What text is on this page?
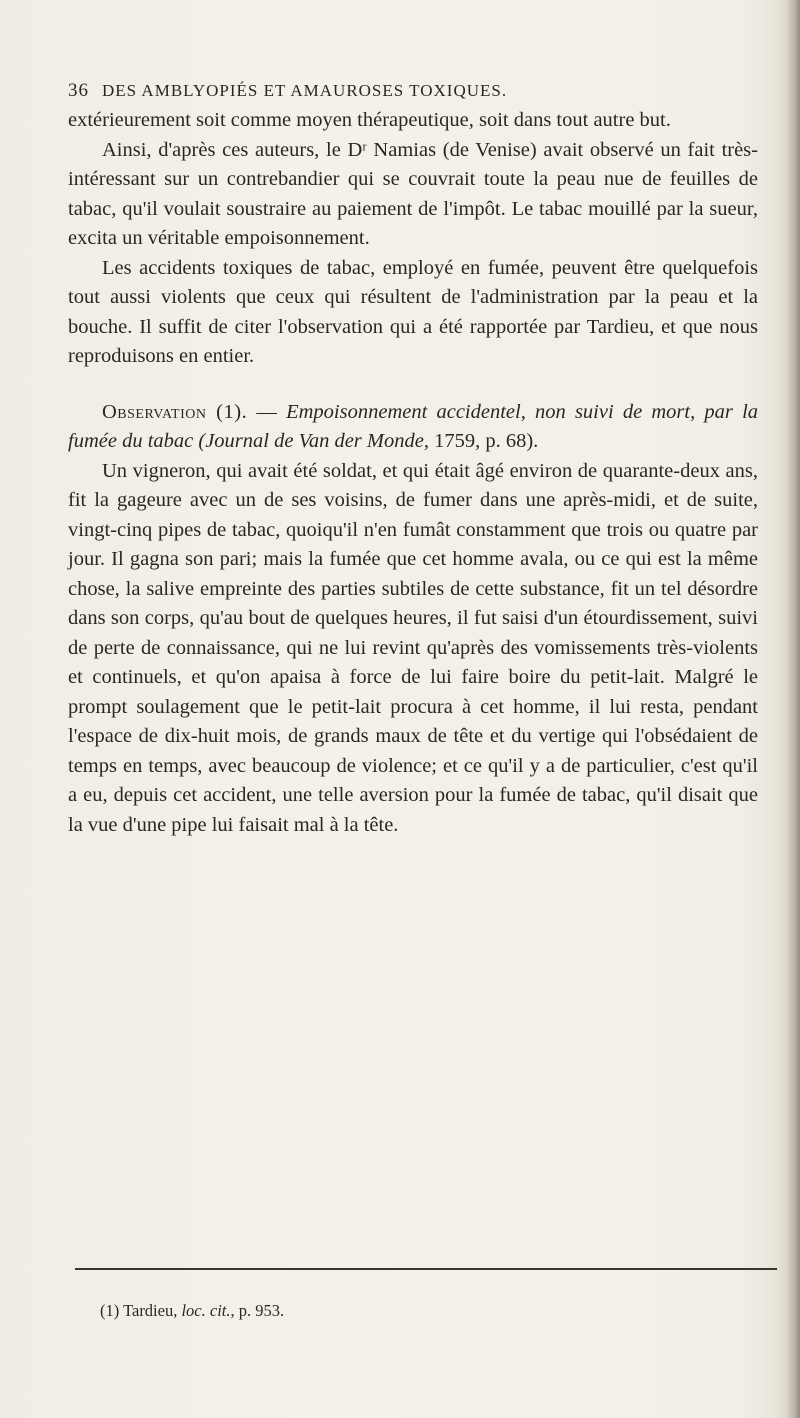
36 DES AMBLYOPIÉS ET AMAUROSES TOXIQUES.

extérieurement soit comme moyen thérapeutique, soit dans tout autre but.

Ainsi, d'après ces auteurs, le Dʳ Namias (de Venise) avait observé un fait très-intéressant sur un contrebandier qui se couvrait toute la peau nue de feuilles de tabac, qu'il voulait soustraire au paiement de l'impôt. Le tabac mouillé par la sueur, excita un véritable empoisonnement.

Les accidents toxiques de tabac, employé en fumée, peuvent être quelquefois tout aussi violents que ceux qui résultent de l'administration par la peau et la bouche. Il suffit de citer l'observation qui a été rapportée par Tardieu, et que nous reproduisons en entier.

Observation (1). — Empoisonnement accidentel, non suivi de mort, par la fumée du tabac (Journal de Van der Monde, 1759, p. 68).

Un vigneron, qui avait été soldat, et qui était âgé environ de quarante-deux ans, fit la gageure avec un de ses voisins, de fumer dans une après-midi, et de suite, vingt-cinq pipes de tabac, quoiqu'il n'en fumât constamment que trois ou quatre par jour. Il gagna son pari; mais la fumée que cet homme avala, ou ce qui est la même chose, la salive empreinte des parties subtiles de cette substance, fit un tel désordre dans son corps, qu'au bout de quelques heures, il fut saisi d'un étourdissement, suivi de perte de connaissance, qui ne lui revint qu'après des vomissements très-violents et continuels, et qu'on apaisa à force de lui faire boire du petit-lait. Malgré le prompt soulagement que le petit-lait procura à cet homme, il lui resta, pendant l'espace de dix-huit mois, de grands maux de tête et du vertige qui l'obsédaient de temps en temps, avec beaucoup de violence; et ce qu'il y a de particulier, c'est qu'il a eu, depuis cet accident, une telle aversion pour la fumée de tabac, qu'il disait que la vue d'une pipe lui faisait mal à la tête.

(1) Tardieu, loc. cit., p. 953.
